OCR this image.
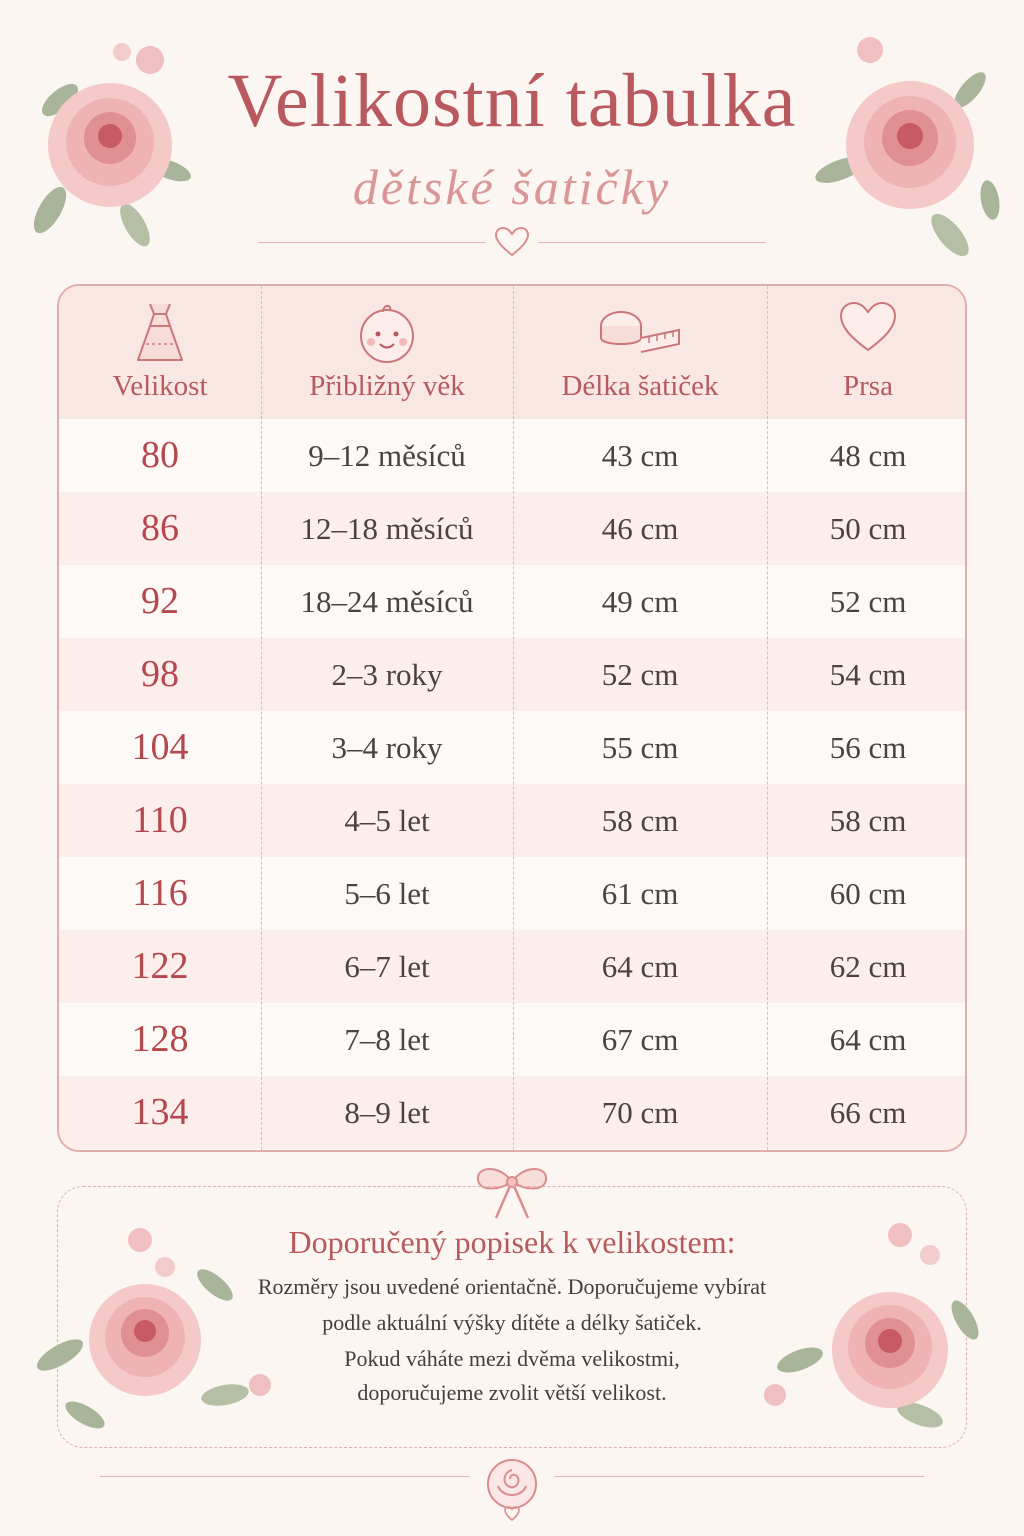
Velikostní tabulka
dětské šatičky
Velikost	Přibližný věk	Délka šatiček	Prsa
80	9–12 měsíců	43 cm	48 cm
86	12–18 měsíců	46 cm	50 cm
92	18–24 měsíců	49 cm	52 cm
98	2–3 roky	52 cm	54 cm
104	3–4 roky	55 cm	56 cm
110	4–5 let	58 cm	58 cm
116	5–6 let	61 cm	60 cm
122	6–7 let	64 cm	62 cm
128	7–8 let	67 cm	64 cm
134	8–9 let	70 cm	66 cm
Doporučený popisek k velikostem:
Rozměry jsou uvedené orientačně. Doporučujeme vybírat
podle aktuální výšky dítěte a délky šatiček.
Pokud váháte mezi dvěma velikostmi,
doporučujeme zvolit větší velikost.
